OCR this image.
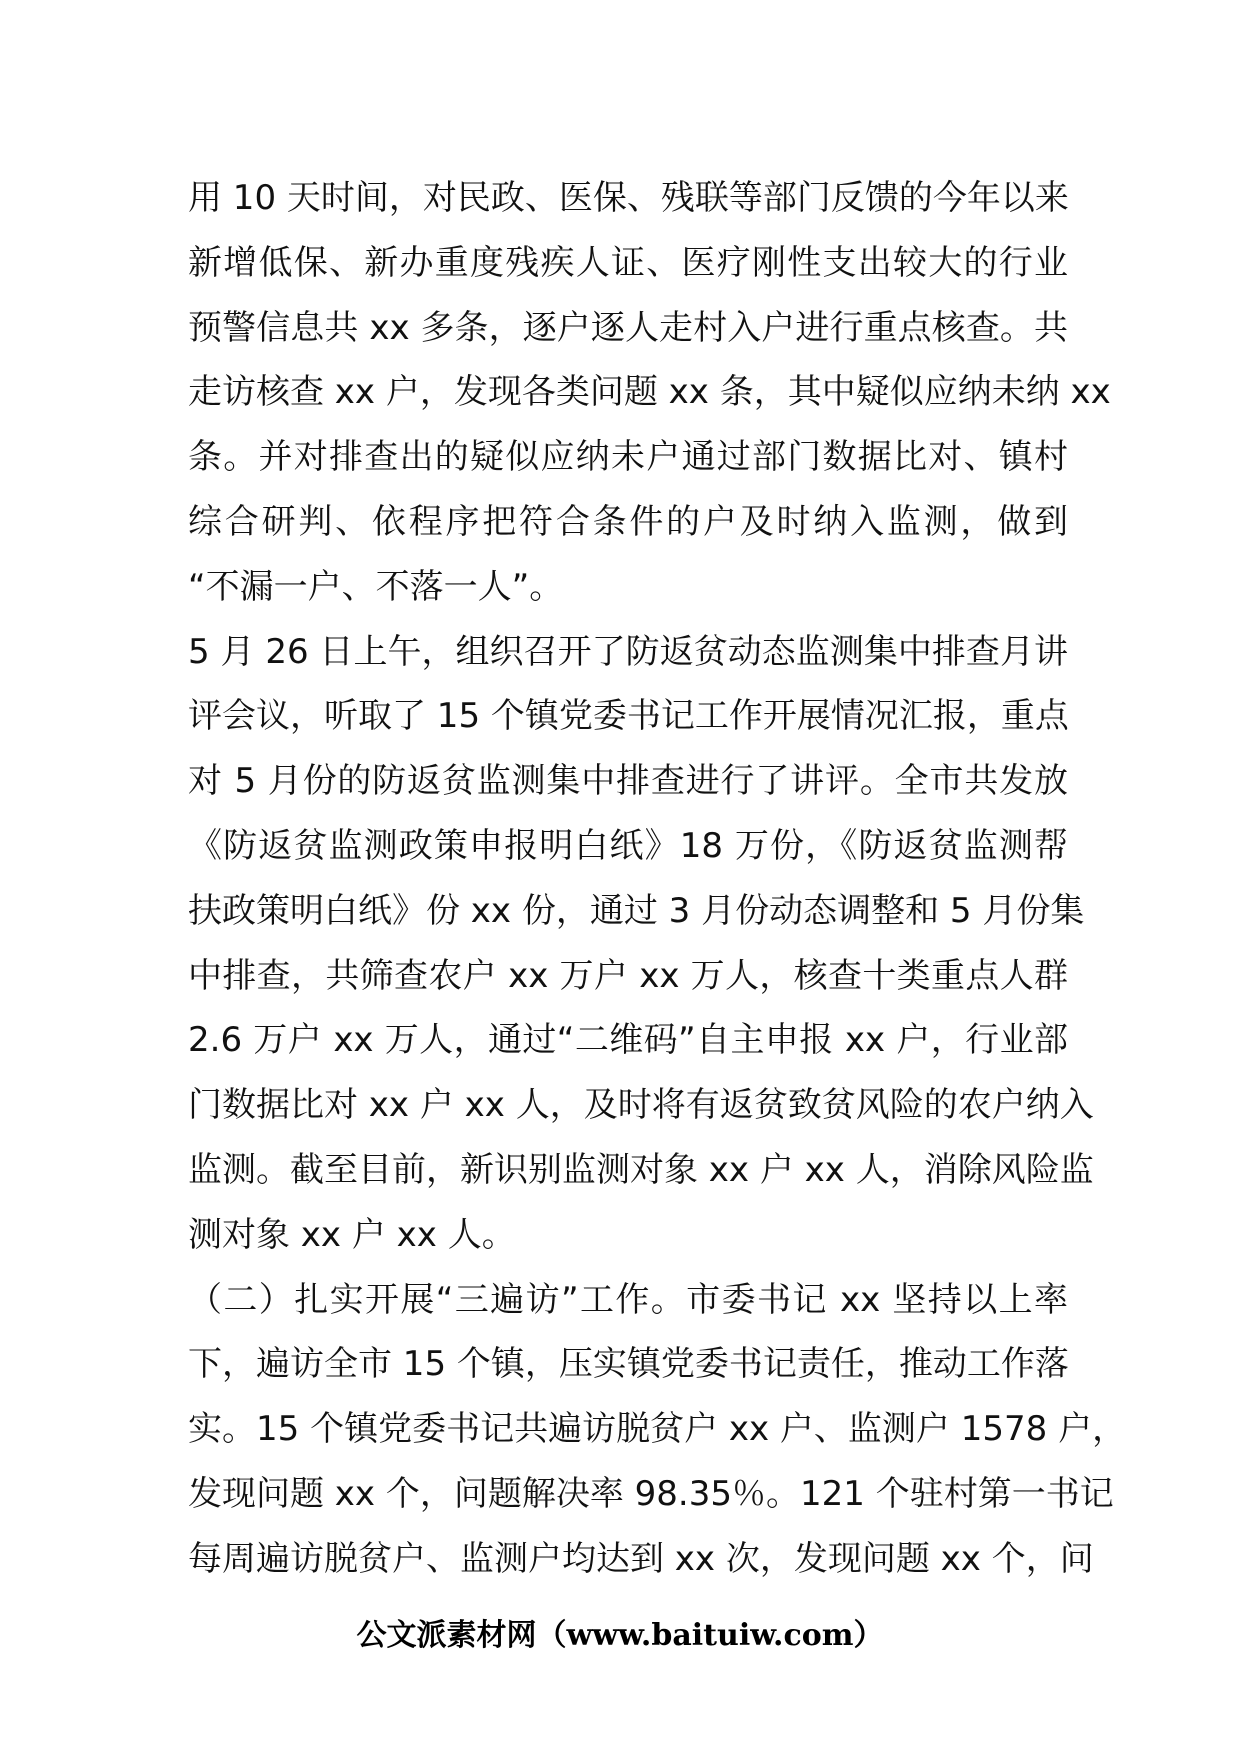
用 10 天时间，对民政、医保、残联等部门反馈的今年以来
新增低保、新办重度残疾人证、医疗刚性支出较大的行业
预警信息共 xx 多条，逐户逐人走村入户进行重点核查。共
走访核查 xx 户，发现各类问题 xx 条，其中疑似应纳未纳 xx
条。并对排查出的疑似应纳未户通过部门数据比对、镇村
综合研判、依程序把符合条件的户及时纳入监测，做到
“不漏一户、不落一人”。
5 月 26 日上午，组织召开了防返贫动态监测集中排查月讲
评会议，听取了 15 个镇党委书记工作开展情况汇报，重点
对 5 月份的防返贫监测集中排查进行了讲评。全市共发放
《防返贫监测政策申报明白纸》18 万份，《防返贫监测帮
扶政策明白纸》份 xx 份，通过 3 月份动态调整和 5 月份集
中排查，共筛查农户 xx 万户 xx 万人，核查十类重点人群
2.6 万户 xx 万人，通过“二维码”自主申报 xx 户，行业部
门数据比对 xx 户 xx 人，及时将有返贫致贫风险的农户纳入
监测。截至目前，新识别监测对象 xx 户 xx 人，消除风险监
测对象 xx 户 xx 人。
（二）扎实开展“三遍访”工作。市委书记 xx 坚持以上率
下，遍访全市 15 个镇，压实镇党委书记责任，推动工作落
实。15 个镇党委书记共遍访脱贫户 xx 户、监测户 1578 户，
发现问题 xx 个，问题解决率 98.35％。121 个驻村第一书记
每周遍访脱贫户、监测户均达到 xx 次，发现问题 xx 个，问
公文派素材网（www.baituiw.com）
